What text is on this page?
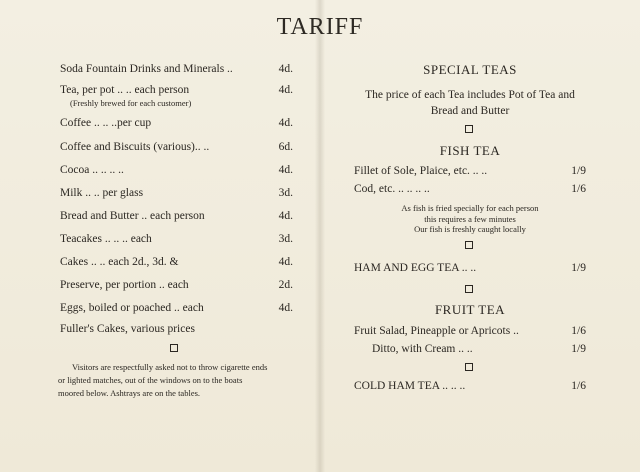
TARIFF
Soda Fountain Drinks and Minerals ..	4d.
Tea, per pot .. .. each person	4d.
(Freshly brewed for each customer)
Coffee .. .. ..per cup	4d.
Coffee and Biscuits (various).. ..	6d.
Cocoa .. .. .. ..	4d.
Milk .. .. per glass	3d.
Bread and Butter .. each person	4d.
Teacakes .. .. .. each	3d.
Cakes .. .. each 2d., 3d. &	4d.
Preserve, per portion .. each	2d.
Eggs, boiled or poached .. each	4d.
Fuller's Cakes, various prices
Visitors are respectfully asked not to throw cigarette ends
or lighted matches, out of the windows on to the boats
moored below. Ashtrays are on the tables.
SPECIAL TEAS
The price of each Tea includes Pot of Tea and
Bread and Butter
FISH TEA
Fillet of Sole, Plaice, etc. .. ..	1/9
Cod, etc. .. .. .. ..	1/6
As fish is fried specially for each person
this requires a few minutes
Our fish is freshly caught locally
HAM AND EGG TEA .. ..	1/9
FRUIT TEA
Fruit Salad, Pineapple or Apricots ..	1/6
Ditto, with Cream .. ..	1/9
COLD HAM TEA .. .. ..	1/6
